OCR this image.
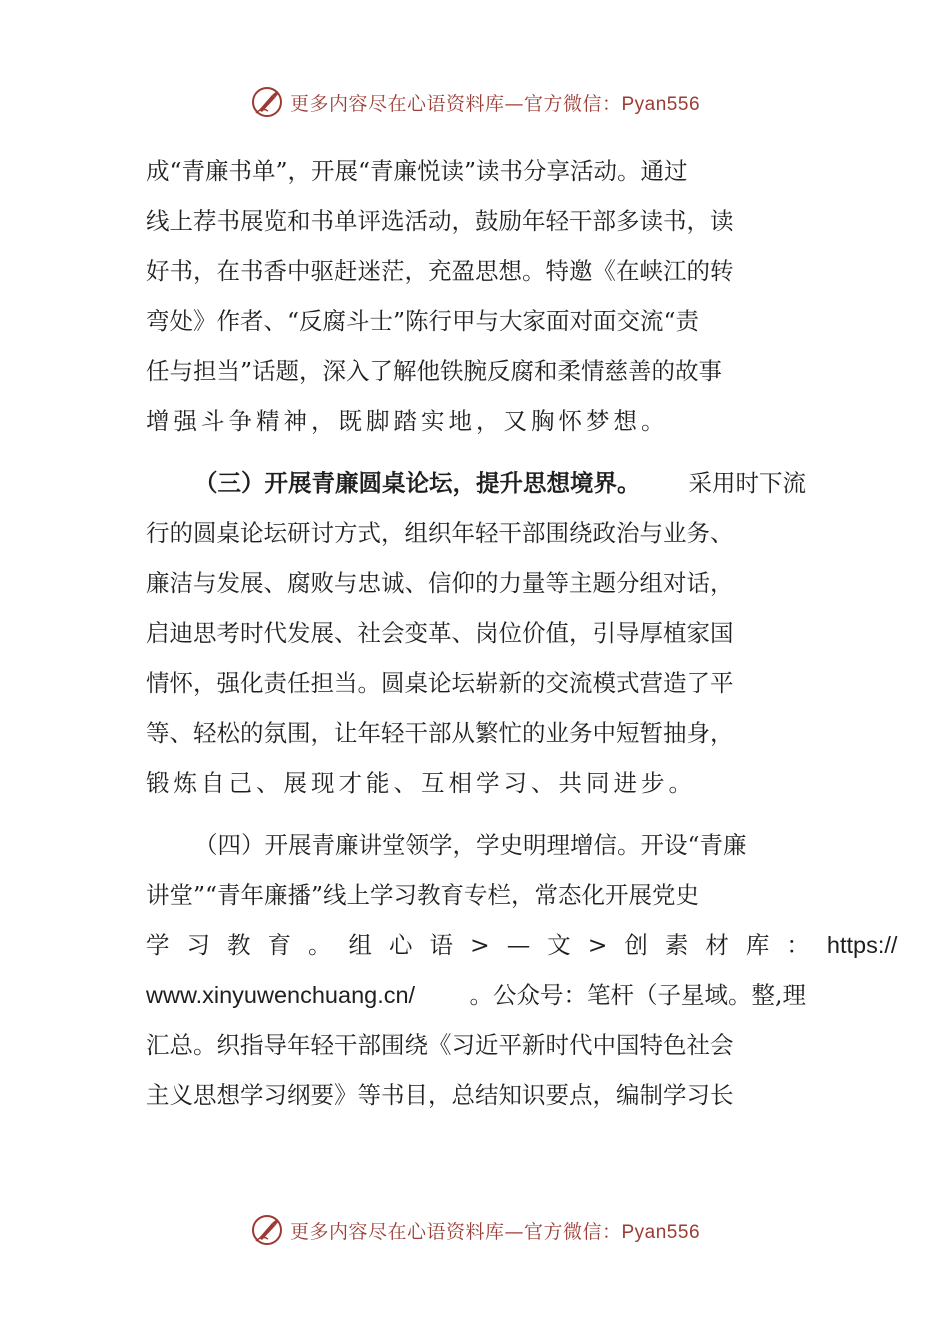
更多内容尽在心语资料库—官方微信：Pyan556
成“青廉书单”，开展“青廉悦读”读书分享活动。通过
线上荐书展览和书单评选活动，鼓励年轻干部多读书，读
好书，在书香中驱赶迷茫，充盈思想。特邀《在峡江的转
弯处》作者、“反腐斗士”陈行甲与大家面对面交流“责
任与担当”话题，深入了解他铁腕反腐和柔情慈善的故事
增强斗争精神，既脚踏实地，又胸怀梦想。
（三）开展青廉圆桌论坛，提升思想境界。 采用时下流
行的圆桌论坛研讨方式，组织年轻干部围绕政治与业务、
廉洁与发展、腐败与忠诚、信仰的力量等主题分组对话，
启迪思考时代发展、社会变革、岗位价值，引导厚植家国
情怀，强化责任担当。圆桌论坛崭新的交流模式营造了平
等、轻松的氛围，让年轻干部从繁忙的业务中短暂抽身，
锻炼自己、展现才能、互相学习、共同进步。
（四）开展青廉讲堂领学，学史明理增信。开设“青廉
讲堂”“青年廉播”线上学习教育专栏，常态化开展党史
学习教育。组心语>—文>创素材库： https://
www.xinyuwenchuang.cn/ 。公众号：笔杆（子星域。整,理
汇总。织指导年轻干部围绕《习近平新时代中国特色社会
主义思想学习纲要》等书目，总结知识要点，编制学习长
更多内容尽在心语资料库—官方微信：Pyan556
